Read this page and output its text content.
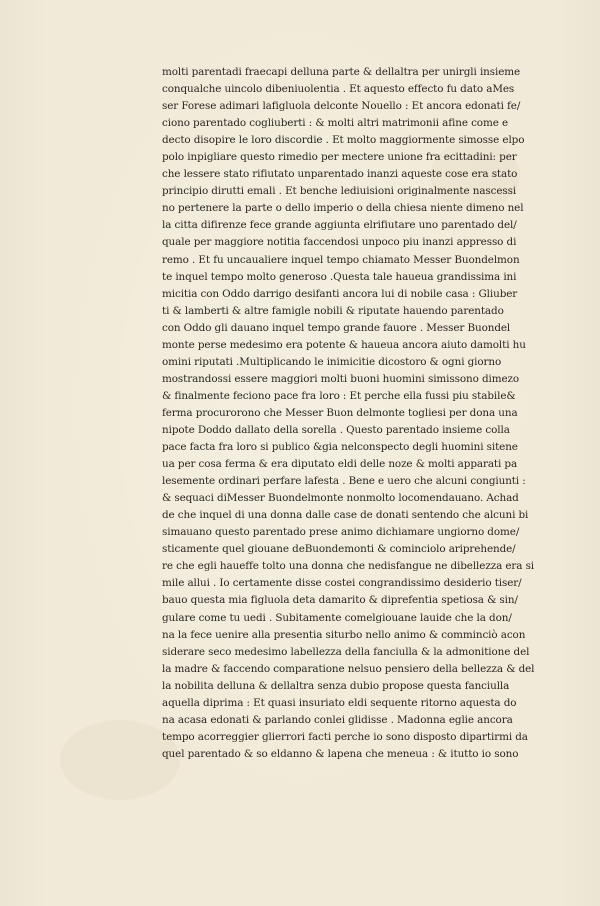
molti parentadi fraecapi delluna parte & dellaltra per unirgli insieme
conqualche uincolo dibeniuolentia . Et aquesto effecto fu dato aMes
ser Forese adimari lafigluola delconte Nouello : Et ancora edonati fe/
ciono parentado cogliuberti : & molti altri matrimonii afine come e
decto disopire le loro discordie . Et molto maggiormente simosse elpo
polo inpigliare questo rimedio per mectere unione fra ecittadini: per
che lessere stato rifiutato unparentado inanzi aqueste cose era stato
principio dirutti emali . Et benche lediuisioni originalmente nascessi
no pertenere la parte o dello imperio o della chiesa niente dimeno nel
la citta difirenze fece grande aggiunta elrifiutare uno parentado del/
quale per maggiore notitia faccendosi unpoco piu inanzi appresso di
remo . Et fu uncaualiere inquel tempo chiamato Messer Buondelmon
te inquel tempo molto generoso .Questa tale haueua grandissima ini
micitia con Oddo darrigo desifanti ancora lui di nobile casa : Gliuber
ti & lamberti & altre famigle nobili & riputate hauendo parentado
con Oddo gli dauano inquel tempo grande fauore . Messer Buondel
monte perse medesimo era potente & haueua ancora aiuto damolti hu
omini riputati .Multiplicando le inimicitie dicostoro & ogni giorno
mostrandossi essere maggiori molti buoni huomini simissono dimezo
& finalmente feciono pace fra loro : Et perche ella fussi piu stabile&
ferma procurorono che Messer Buon delmonte togliesi per dona una
nipote Doddo dallato della sorella . Questo parentado insieme colla
pace facta fra loro si publico &gia nelconspecto degli huomini sitene
ua per cosa ferma & era diputato eldi delle noze & molti apparati pa
lesemente ordinari perfare lafesta . Bene e uero che alcuni congiunti :
& sequaci diMesser Buondelmonte nonmolto locomendauano. Achad
de che inquel di una donna dalle case de donati sentendo che alcuni bi
simauano questo parentado prese animo dichiamare ungiorno dome/
sticamente quel giouane deBuondemonti & cominciolo ariprehende/
re che egli haueffe tolto una donna che nedisfangue ne dibellezza era si
mile allui . Io certamente disse costei congrandissimo desiderio tiser/
bauo questa mia figluola deta damarito & diprefentia spetiosa & sin/
gulare come tu uedi . Subitamente comelgiouane lauide che la don/
na la fece uenire alla presentia siturbo nello animo & comminciò acon
siderare seco medesimo labellezza della fanciulla & la admonitione del
la madre & faccendo comparatione nelsuo pensiero della bellezza & del
la nobilita delluna & dellaltra senza dubio propose questa fanciulla
aquella diprima : Et quasi insuriato eldi sequente ritorno aquesta do
na acasa edonati & parlando conlei glidisse . Madonna eglie ancora
tempo acorreggier glierrori facti perche io sono disposto dipartirmi da
quel parentado & so eldanno & lapena che meneua : & itutto io sono
